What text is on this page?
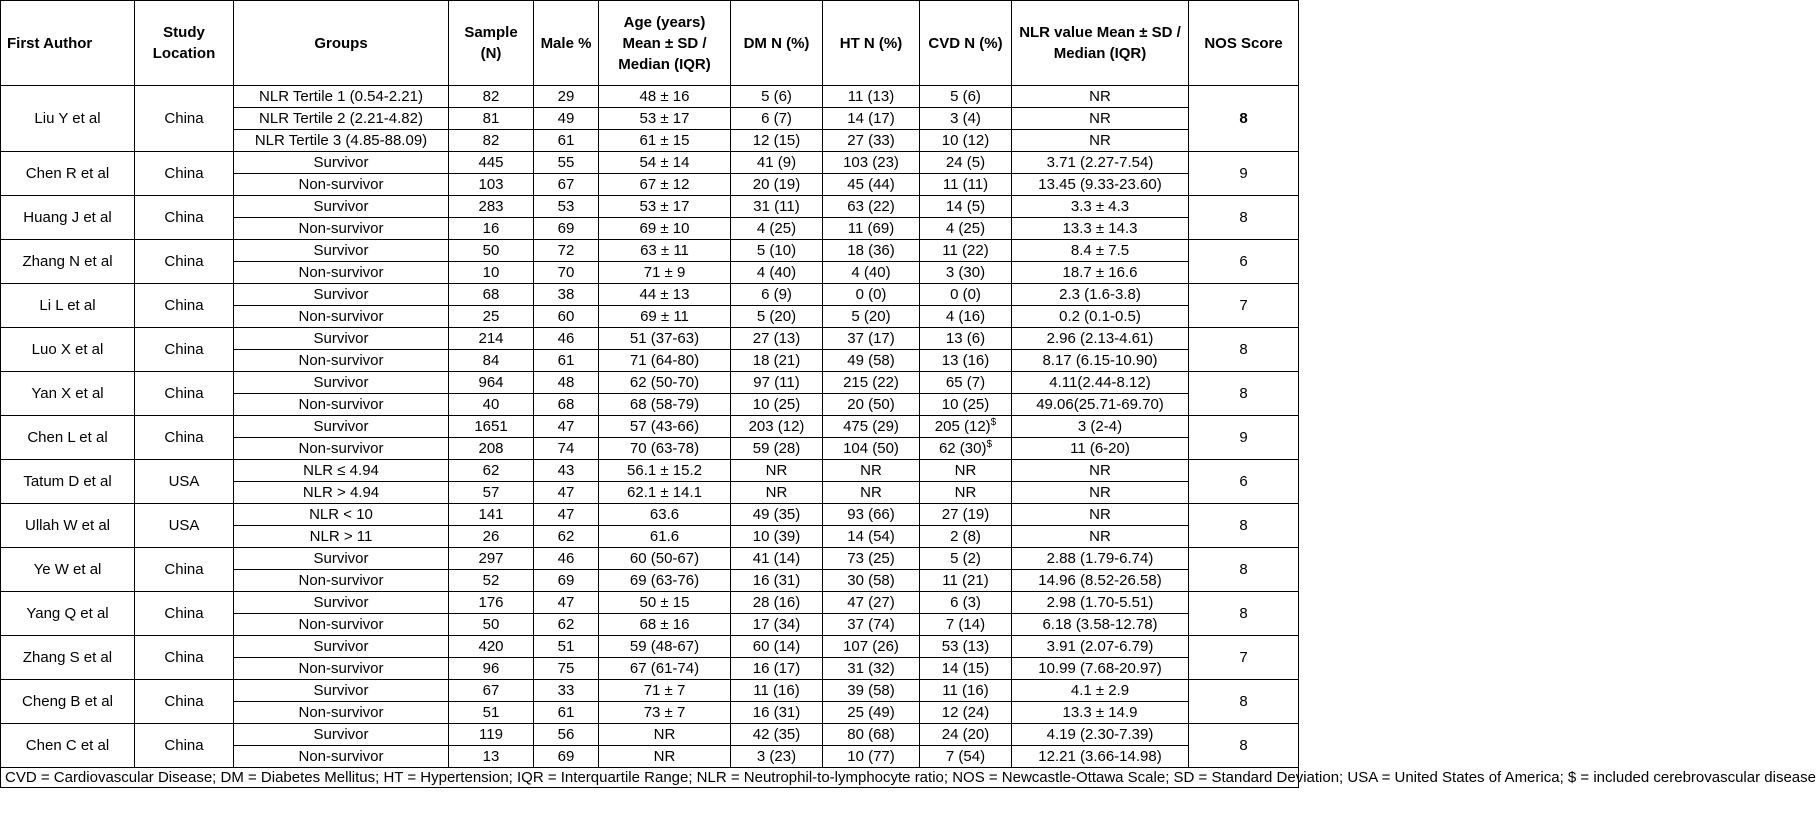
First Author	Study Location	Groups	Sample (N)	Male %	Age (years) Mean ± SD / Median (IQR)	DM N (%)	HT N (%)	CVD N (%)	NLR value Mean ± SD / Median (IQR)	NOS Score
Liu Y et al	China	NLR Tertile 1 (0.54-2.21)	82	29	48 ± 16	5 (6)	11 (13)	5 (6)	NR	8
		NLR Tertile 2 (2.21-4.82)	81	49	53 ± 17	6 (7)	14 (17)	3 (4)	NR	
		NLR Tertile 3 (4.85-88.09)	82	61	61 ± 15	12 (15)	27 (33)	10 (12)	NR	
Chen R et al	China	Survivor	445	55	54 ± 14	41 (9)	103 (23)	24 (5)	3.71 (2.27-7.54)	9
		Non-survivor	103	67	67 ± 12	20 (19)	45 (44)	11 (11)	13.45 (9.33-23.60)	
Huang J et al	China	Survivor	283	53	53 ± 17	31 (11)	63 (22)	14 (5)	3.3 ± 4.3	8
		Non-survivor	16	69	69 ± 10	4 (25)	11 (69)	4 (25)	13.3 ± 14.3	
Zhang N et al	China	Survivor	50	72	63 ± 11	5 (10)	18 (36)	11 (22)	8.4 ± 7.5	6
		Non-survivor	10	70	71 ± 9	4 (40)	4 (40)	3 (30)	18.7 ± 16.6	
Li L et al	China	Survivor	68	38	44 ± 13	6 (9)	0 (0)	0 (0)	2.3 (1.6-3.8)	7
		Non-survivor	25	60	69 ± 11	5 (20)	5 (20)	4 (16)	0.2 (0.1-0.5)	
Luo X et al	China	Survivor	214	46	51 (37-63)	27 (13)	37 (17)	13 (6)	2.96 (2.13-4.61)	8
		Non-survivor	84	61	71 (64-80)	18 (21)	49 (58)	13 (16)	8.17 (6.15-10.90)	
Yan X et al	China	Survivor	964	48	62 (50-70)	97 (11)	215 (22)	65 (7)	4.11(2.44-8.12)	8
		Non-survivor	40	68	68 (58-79)	10 (25)	20 (50)	10 (25)	49.06(25.71-69.70)	
Chen L et al	China	Survivor	1651	47	57 (43-66)	203 (12)	475 (29)	205 (12)$	3 (2-4)	9
		Non-survivor	208	74	70 (63-78)	59 (28)	104 (50)	62 (30)$	11 (6-20)	
Tatum D et al	USA	NLR ≤ 4.94	62	43	56.1 ± 15.2	NR	NR	NR	NR	6
		NLR > 4.94	57	47	62.1 ± 14.1	NR	NR	NR	NR	
Ullah W et al	USA	NLR < 10	141	47	63.6	49 (35)	93 (66)	27 (19)	NR	8
		NLR > 11	26	62	61.6	10 (39)	14 (54)	2 (8)	NR	
Ye W et al	China	Survivor	297	46	60 (50-67)	41 (14)	73 (25)	5 (2)	2.88 (1.79-6.74)	8
		Non-survivor	52	69	69 (63-76)	16 (31)	30 (58)	11 (21)	14.96 (8.52-26.58)	
Yang Q et al	China	Survivor	176	47	50 ± 15	28 (16)	47 (27)	6 (3)	2.98 (1.70-5.51)	8
		Non-survivor	50	62	68 ± 16	17 (34)	37 (74)	7 (14)	6.18 (3.58-12.78)	
Zhang S et al	China	Survivor	420	51	59 (48-67)	60 (14)	107 (26)	53 (13)	3.91 (2.07-6.79)	7
		Non-survivor	96	75	67 (61-74)	16 (17)	31 (32)	14 (15)	10.99 (7.68-20.97)	
Cheng B et al	China	Survivor	67	33	71 ± 7	11 (16)	39 (58)	11 (16)	4.1 ± 2.9	8
		Non-survivor	51	61	73 ± 7	16 (31)	25 (49)	12 (24)	13.3 ± 14.9	
Chen C et al	China	Survivor	119	56	NR	42 (35)	80 (68)	24 (20)	4.19 (2.30-7.39)	8
		Non-survivor	13	69	NR	3 (23)	10 (77)	7 (54)	12.21 (3.66-14.98)	
CVD = Cardiovascular Disease; DM = Diabetes Mellitus; HT = Hypertension; IQR = Interquartile Range; NLR = Neutrophil-to-lymphocyte ratio; NOS = Newcastle-Ottawa Scale; SD = Standard Deviation; USA = United States of America; $ = included cerebrovascular disease										
